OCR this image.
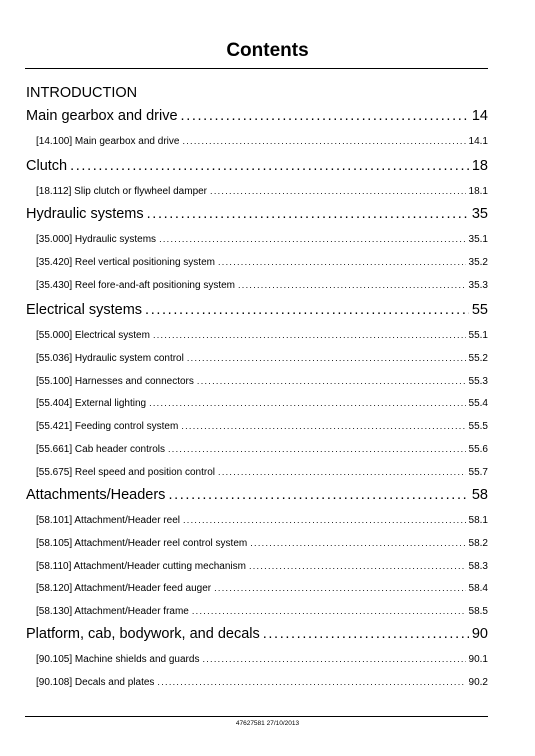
Contents
INTRODUCTION
Main gearbox and drive . . .	14
[14.100] Main gearbox and drive . . .	14.1
Clutch . . .	18
[18.112] Slip clutch or flywheel damper . . .	18.1
Hydraulic systems . . .	35
[35.000] Hydraulic systems . . .	35.1
[35.420] Reel vertical positioning system . . .	35.2
[35.430] Reel fore-and-aft positioning system . . .	35.3
Electrical systems . . .	55
[55.000] Electrical system . . .	55.1
[55.036] Hydraulic system control . . .	55.2
[55.100] Harnesses and connectors . . .	55.3
[55.404] External lighting . . .	55.4
[55.421] Feeding control system . . .	55.5
[55.661] Cab header controls . . .	55.6
[55.675] Reel speed and position control . . .	55.7
Attachments/Headers . . .	58
[58.101] Attachment/Header reel . . .	58.1
[58.105] Attachment/Header reel control system . . .	58.2
[58.110] Attachment/Header cutting mechanism . . .	58.3
[58.120] Attachment/Header feed auger . . .	58.4
[58.130] Attachment/Header frame . . .	58.5
Platform, cab, bodywork, and decals . . .	90
[90.105] Machine shields and guards . . .	90.1
[90.108] Decals and plates . . .	90.2
47627581 27/10/2013
